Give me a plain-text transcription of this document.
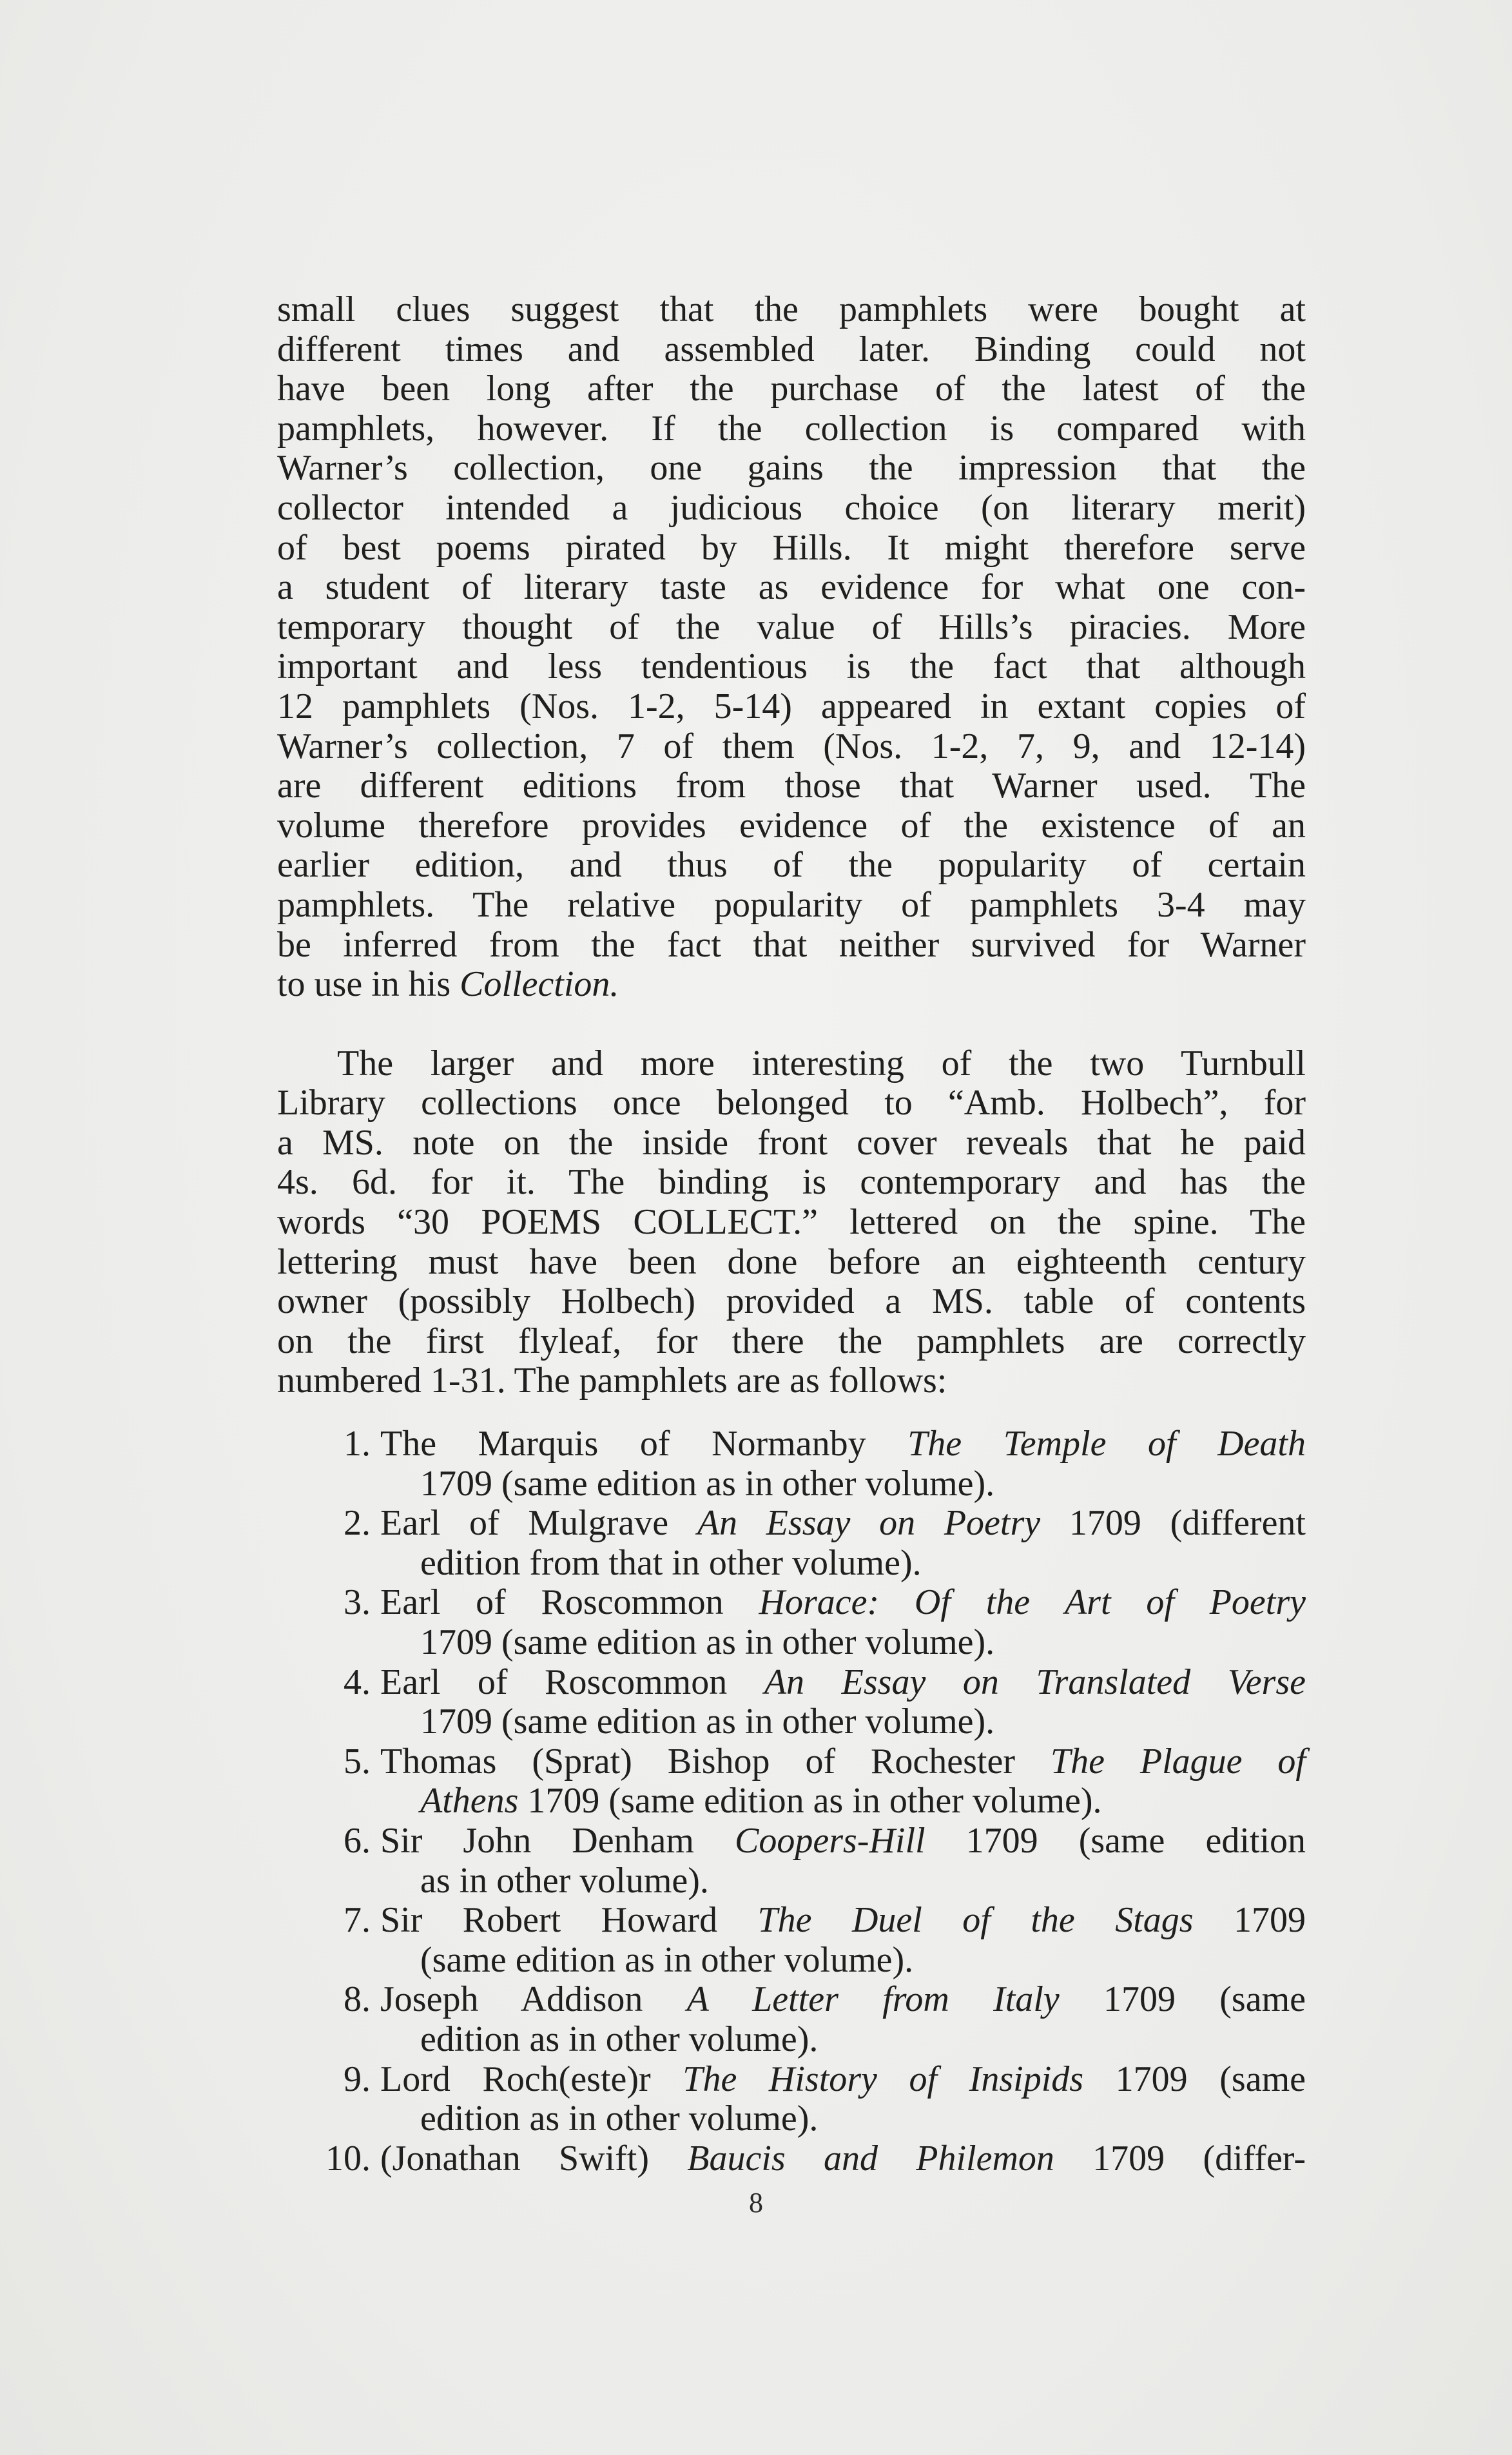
small clues suggest that the pamphlets were bought at
different times and assembled later. Binding could not
have been long after the purchase of the latest of the
pamphlets, however. If the collection is compared with
Warner’s collection, one gains the impression that the
collector intended a judicious choice (on literary merit)
of best poems pirated by Hills. It might therefore serve
a student of literary taste as evidence for what one con-
temporary thought of the value of Hills’s piracies. More
important and less tendentious is the fact that although
12 pamphlets (Nos. 1-2, 5-14) appeared in extant copies of
Warner’s collection, 7 of them (Nos. 1-2, 7, 9, and 12-14)
are different editions from those that Warner used. The
volume therefore provides evidence of the existence of an
earlier edition, and thus of the popularity of certain
pamphlets. The relative popularity of pamphlets 3-4 may
be inferred from the fact that neither survived for Warner
to use in his Collection.

The larger and more interesting of the two Turnbull
Library collections once belonged to “Amb. Holbech”, for
a MS. note on the inside front cover reveals that he paid
4s. 6d. for it. The binding is contemporary and has the
words “30 POEMS COLLECT.” lettered on the spine. The
lettering must have been done before an eighteenth century
owner (possibly Holbech) provided a MS. table of contents
on the first flyleaf, for there the pamphlets are correctly
numbered 1-31. The pamphlets are as follows:

1. The Marquis of Normanby The Temple of Death
1709 (same edition as in other volume).
2. Earl of Mulgrave An Essay on Poetry 1709 (different
edition from that in other volume).
3. Earl of Roscommon Horace: Of the Art of Poetry
1709 (same edition as in other volume).
4. Earl of Roscommon An Essay on Translated Verse
1709 (same edition as in other volume).
5. Thomas (Sprat) Bishop of Rochester The Plague of
Athens 1709 (same edition as in other volume).
6. Sir John Denham Coopers-Hill 1709 (same edition
as in other volume).
7. Sir Robert Howard The Duel of the Stags 1709
(same edition as in other volume).
8. Joseph Addison A Letter from Italy 1709 (same
edition as in other volume).
9. Lord Roch(este)r The History of Insipids 1709 (same
edition as in other volume).
10. (Jonathan Swift) Baucis and Philemon 1709 (differ-
8
